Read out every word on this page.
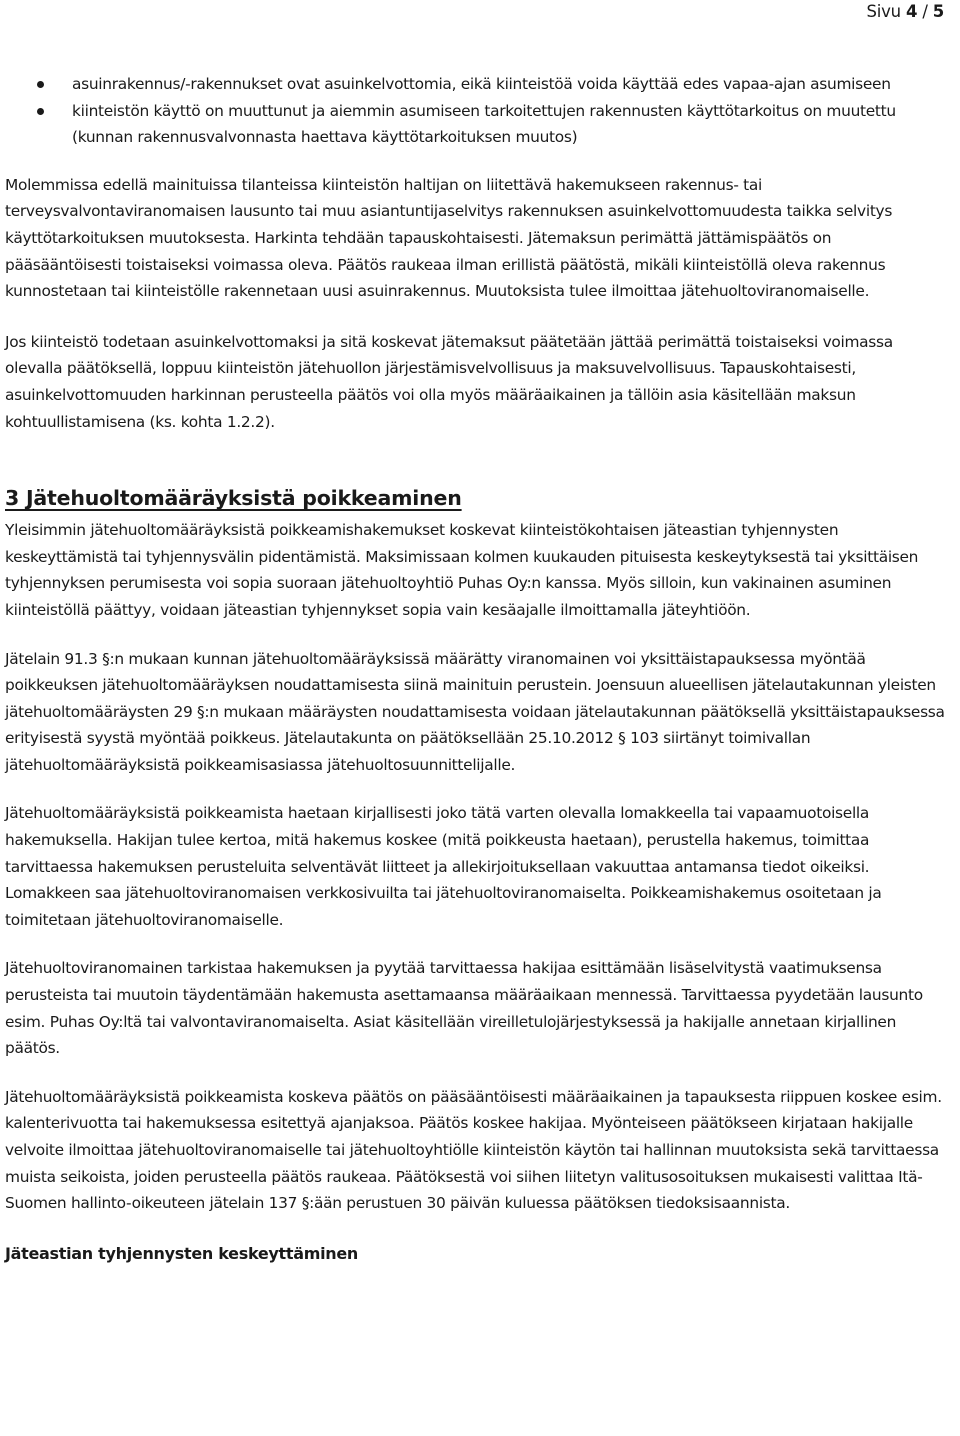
Sivu 4 / 5
asuinrakennus/-rakennukset ovat asuinkelvottomia, eikä kiinteistöä voida käyttää edes vapaa-ajan asumiseen
kiinteistön käyttö on muuttunut ja aiemmin asumiseen tarkoitettujen rakennusten käyttötarkoitus on muutettu (kunnan rakennusvalvonnasta haettava käyttötarkoituksen muutos)

Molemmissa edellä mainituissa tilanteissa kiinteistön haltijan on liitettävä hakemukseen rakennus- tai terveysvalvontaviranomaisen lausunto tai muu asiantuntijaselvitys rakennuksen asuinkelvottomuudesta taikka selvitys käyttötarkoituksen muutoksesta. Harkinta tehdään tapauskohtaisesti. Jätemaksun perimättä jättämispäätös on pääsääntöisesti toistaiseksi voimassa oleva. Päätös raukeaa ilman erillistä päätöstä, mikäli kiinteistöllä oleva rakennus kunnostetaan tai kiinteistölle rakennetaan uusi asuinrakennus. Muutoksista tulee ilmoittaa jätehuoltoviranomaiselle.

Jos kiinteistö todetaan asuinkelvottomaksi ja sitä koskevat jätemaksut päätetään jättää perimättä toistaiseksi voimassa olevalla päätöksellä, loppuu kiinteistön jätehuollon järjestämisvelvollisuus ja maksuvelvollisuus. Tapauskohtaisesti, asuinkelvottomuuden harkinnan perusteella päätös voi olla myös määräaikainen ja tällöin asia käsitellään maksun kohtuullistamisena (ks. kohta 1.2.2).

3 Jätehuoltomääräyksistä poikkeaminen

Yleisimmin jätehuoltomääräyksistä poikkeamishakemukset koskevat kiinteistökohtaisen jäteastian tyhjennysten keskeyttämistä tai tyhjennysvälin pidentämistä. Maksimissaan kolmen kuukauden pituisesta keskeytyksestä tai yksittäisen tyhjennyksen perumisesta voi sopia suoraan jätehuoltoyhtiö Puhas Oy:n kanssa. Myös silloin, kun vakinainen asuminen kiinteistöllä päättyy, voidaan jäteastian tyhjennykset sopia vain kesäajalle ilmoittamalla jäteyhtiöön.

Jätelain 91.3 §:n mukaan kunnan jätehuoltomääräyksissä määrätty viranomainen voi yksittäistapauksessa myöntää poikkeuksen jätehuoltomääräyksen noudattamisesta siinä mainituin perustein. Joensuun alueellisen jätelautakunnan yleisten jätehuoltomääräysten 29 §:n mukaan määräysten noudattamisesta voidaan jätelautakunnan päätöksellä yksittäistapauksessa erityisestä syystä myöntää poikkeus. Jätelautakunta on päätöksellään 25.10.2012 § 103 siirtänyt toimivallan jätehuoltomääräyksistä poikkeamisasiassa jätehuoltosuunnittelijalle.

Jätehuoltomääräyksistä poikkeamista haetaan kirjallisesti joko tätä varten olevalla lomakkeella tai vapaamuotoisella hakemuksella. Hakijan tulee kertoa, mitä hakemus koskee (mitä poikkeusta haetaan), perustella hakemus, toimittaa tarvittaessa hakemuksen perusteluita selventävät liitteet ja allekirjoituksellaan vakuuttaa antamansa tiedot oikeiksi. Lomakkeen saa jätehuoltoviranomaisen verkkosivuilta tai jätehuoltoviranomaiselta. Poikkeamishakemus osoitetaan ja toimitetaan jätehuoltoviranomaiselle.

Jätehuoltoviranomainen tarkistaa hakemuksen ja pyytää tarvittaessa hakijaa esittämään lisäselvitystä vaatimuksensa perusteista tai muutoin täydentämään hakemusta asettamaansa määräaikaan mennessä. Tarvittaessa pyydetään lausunto esim. Puhas Oy:ltä tai valvontaviranomaiselta. Asiat käsitellään vireilletulojärjestyksessä ja hakijalle annetaan kirjallinen päätös.

Jätehuoltomääräyksistä poikkeamista koskeva päätös on pääsääntöisesti määräaikainen ja tapauksesta riippuen koskee esim. kalenterivuotta tai hakemuksessa esitettyä ajanjaksoa. Päätös koskee hakijaa. Myönteiseen päätökseen kirjataan hakijalle velvoite ilmoittaa jätehuoltoviranomaiselle tai jätehuoltoyhtiölle kiinteistön käytön tai hallinnan muutoksista sekä tarvittaessa muista seikoista, joiden perusteella päätös raukeaa. Päätöksestä voi siihen liitetyn valitusosoituksen mukaisesti valittaa Itä-Suomen hallinto-oikeuteen jätelain 137 §:ään perustuen 30 päivän kuluessa päätöksen tiedoksisaannista.

Jäteastian tyhjennysten keskeyttäminen
